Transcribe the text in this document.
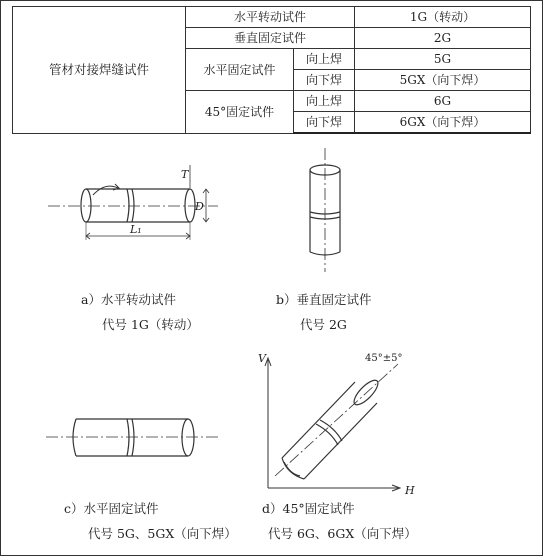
管材对接焊缝试件	水平转动试件		1G（转动）
	垂直固定试件		2G
	水平固定试件	向上焊	5G
		向下焊	5GX（向下焊）
	45°固定试件	向上焊	6G
		向下焊	6GX（向下焊）
T
D
L₁
45°±5°
V
H
a）水平转动试件
代号 1G（转动）
b）垂直固定试件
代号 2G
c）水平固定试件
代号 5G、5GX（向下焊）
d）45°固定试件
代号 6G、6GX（向下焊）
